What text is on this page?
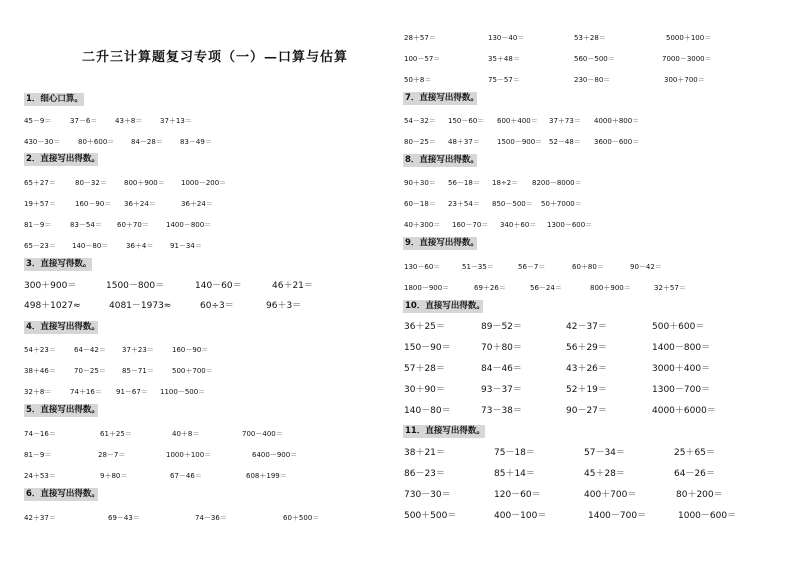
二升三计算题复习专项（一）—口算与估算
1．细心口算。
45－9＝	37－6＝	43＋8＝	37＋13＝
430－30＝	80＋600＝ 84－28＝ 83－49＝
2．直接写出得数。
65＋27＝	80－32＝ 800＋900＝ 1000－200＝
19＋57＝	160－90＝ 36＋24＝	36＋24＝
81－9＝	83－54＝ 60＋70＝ 1400－800＝
65－23＝ 140－80＝	36＋4＝ 91－34＝
3．直接写得数。
300＋900＝	1500－800＝	140－60＝	46＋21＝
498＋1027≈	4081－1973≈	60÷3＝	96＋3＝
4．直接写出得数。
54＋23＝	64－42＝ 37＋23＝	160－90＝
38＋46＝	70－25＝ 85－71＝	500＋700＝
32＋8＝	74＋16＝ 91－67＝ 1100－500＝
5．直接写出得数。
74－16＝	61＋25＝	40＋8＝	700－400＝
81－9＝	28－7＝	1000＋100＝	6400－900＝
24＋53＝	9＋80＝	67－46＝	608＋199＝
6．直接写出得数。
42＋37＝	69－43＝	74－36＝	60＋500＝
28＋57＝	130－40＝	53＋28＝	5000＋100＝
100－57＝	35＋48＝	560－500＝	7000－3000＝
50＋8＝	75－57＝	230－80＝	300＋700＝
7．直接写出得数。
54－32＝ 150－60＝ 600＋400＝ 37＋73＝ 4000＋800＝
80－25＝ 48＋37＝ 1500－900＝ 52－48＝ 3600－600＝
8．直接写出得数。
90＋30＝ 56－18＝ 18÷2＝ 8200－8000＝
60－18＝ 23＋54＝ 850－500＝ 50＋7000＝
40＋300＝ 160－70＝ 340＋60＝ 1300－600＝
9．直接写出得数。
130－60＝	51－35＝	56－7＝	60＋80＝	90－42＝
1800－900＝	69＋26＝	56－24＝	800＋900＝	32＋57＝
10．直接写出得数。
36＋25＝	89－52＝	42－37＝	500＋600＝
150－90＝	70＋80＝	56＋29＝	1400－800＝
57＋28＝	84－46＝	43＋26＝	3000＋400＝
30＋90＝	93－37＝	52＋19＝	1300－700＝
140－80＝	73－38＝	90－27＝	4000＋6000＝
11．直接写出得数。
38＋21＝	75－18＝	57－34＝	25＋65＝
86－23＝	85＋14＝	45＋28＝	64－26＝
730－30＝	120－60＝	400＋700＝	80＋200＝
500＋500＝	400－100＝	1400－700＝	1000－600＝
